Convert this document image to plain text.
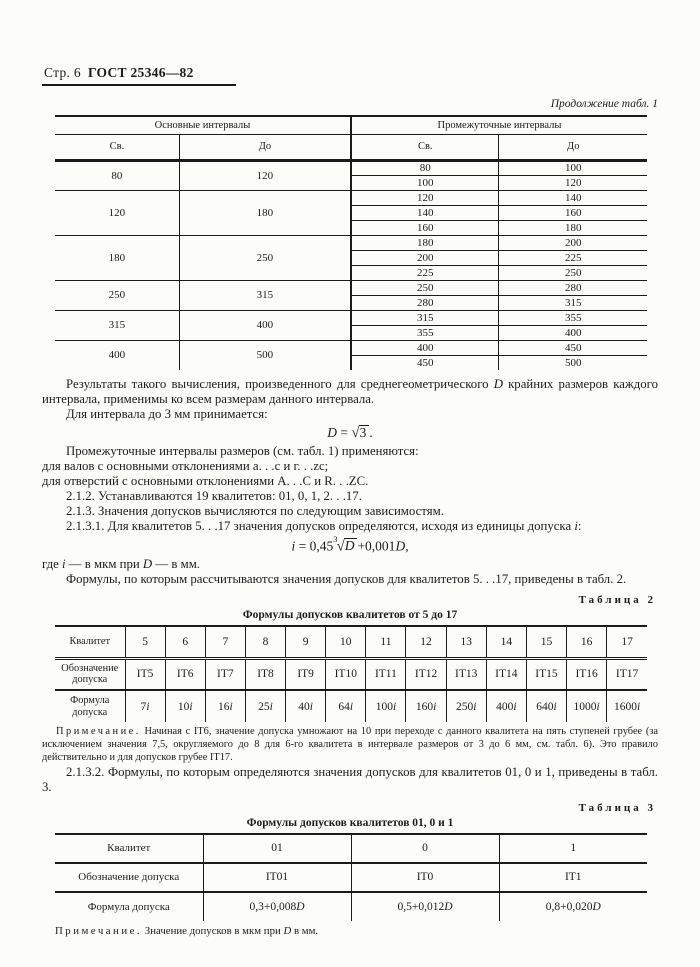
Стр. 6 ГОСТ 25346—82
Продолжение табл. 1
Основные интервалы		Промежуточные интервалы	
Св.	До	Св.	До
80	120	80	100
		100	120
120	180	120	140
		140	160
		160	180
180	250	180	200
		200	225
		225	250
250	315	250	280
		280	315
315	400	315	355
		355	400
400	500	400	450
		450	500

Результаты такого вычисления, произведенного для среднегеометрического D крайних размеров каждого интервала, применимы ко всем размерам данного интервала.

Для интервала до 3 мм принимается:

D = √3 .

Промежуточные интервалы размеров (см. табл. 1) применяются:

для валов с основными отклонениями а. . .с и г. . .zc;

для отверстий с основными отклонениями А. . .С и R. . .ZC.

2.1.2. Устанавливаются 19 квалитетов: 01, 0, 1, 2. . .17.

2.1.3. Значения допусков вычисляются по следующим зависимостям.

2.1.3.1. Для квалитетов 5. . .17 значения допусков определяются, исходя из единицы допуска i:

$i = 0,45^3√D +0,001D$,

где i — в мкм при D — в мм.

Формулы, по которым рассчитываются значения допусков для квалитетов 5. . .17, приведены в табл. 2.

Таблица 2
Формулы допусков квалитетов от 5 до 17
Квалитет	5	6	7	8	9	10	11	12	13	14	15	16	17
Обозначение допуска	IT5	IT6	IT7	IT8	IT9	IT10	IT11	IT12	IT13	IT14	IT15	IT16	IT17
Формула допуска	7i	10i	16i	25i	40i	64i	100i	160i	250i	400i	640i	1000i	1600i
Примечание. Начиная с IT6, значение допуска умножают на 10 при переходе с данного квалитета на пять ступеней грубее (за исключением значения 7,5, округляемого до 8 для 6-го квалитета в интервале размеров от 3 до 6 мм, см. табл. 6). Это правило действительно и для допусков грубее IT17.

2.1.3.2. Формулы, по которым определяются значения допусков для квалитетов 01, 0 и 1, приведены в табл. 3.

Таблица 3
Формулы допусков квалитетов 01, 0 и 1
Квалитет	01	0	1
Обозначение допуска	IT01	IT0	IT1
Формула допуска	0,3+0,008D	0,5+0,012D	0,8+0,020D
Примечание. Значение допусков в мкм при D в мм.
